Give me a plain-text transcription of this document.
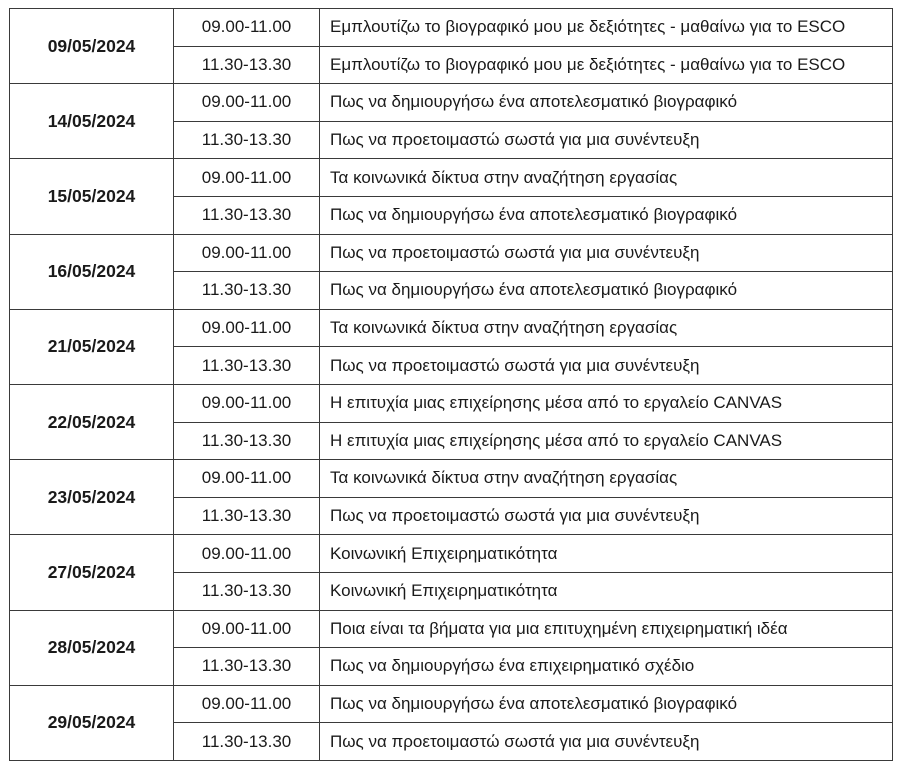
09/05/2024	09.00-11.00	Εμπλουτίζω το βιογραφικό μου με δεξιότητες - μαθαίνω για το ESCO
	11.30-13.30	Εμπλουτίζω το βιογραφικό μου με δεξιότητες - μαθαίνω για το ESCO
14/05/2024	09.00-11.00	Πως να δημιουργήσω ένα αποτελεσματικό βιογραφικό
	11.30-13.30	Πως να προετοιμαστώ σωστά για μια συνέντευξη
15/05/2024	09.00-11.00	Τα κοινωνικά δίκτυα στην αναζήτηση εργασίας
	11.30-13.30	Πως να δημιουργήσω ένα αποτελεσματικό βιογραφικό
16/05/2024	09.00-11.00	Πως να προετοιμαστώ σωστά για μια συνέντευξη
	11.30-13.30	Πως να δημιουργήσω ένα αποτελεσματικό βιογραφικό
21/05/2024	09.00-11.00	Τα κοινωνικά δίκτυα στην αναζήτηση εργασίας
	11.30-13.30	Πως να προετοιμαστώ σωστά για μια συνέντευξη
22/05/2024	09.00-11.00	Η επιτυχία μιας επιχείρησης μέσα από το εργαλείο CANVAS
	11.30-13.30	Η επιτυχία μιας επιχείρησης μέσα από το εργαλείο CANVAS
23/05/2024	09.00-11.00	Τα κοινωνικά δίκτυα στην αναζήτηση εργασίας
	11.30-13.30	Πως να προετοιμαστώ σωστά για μια συνέντευξη
27/05/2024	09.00-11.00	Κοινωνική Επιχειρηματικότητα
	11.30-13.30	Κοινωνική Επιχειρηματικότητα
28/05/2024	09.00-11.00	Ποια είναι τα βήματα για μια επιτυχημένη επιχειρηματική ιδέα
	11.30-13.30	Πως να δημιουργήσω ένα επιχειρηματικό σχέδιο
29/05/2024	09.00-11.00	Πως να δημιουργήσω ένα αποτελεσματικό βιογραφικό
	11.30-13.30	Πως να προετοιμαστώ σωστά για μια συνέντευξη
